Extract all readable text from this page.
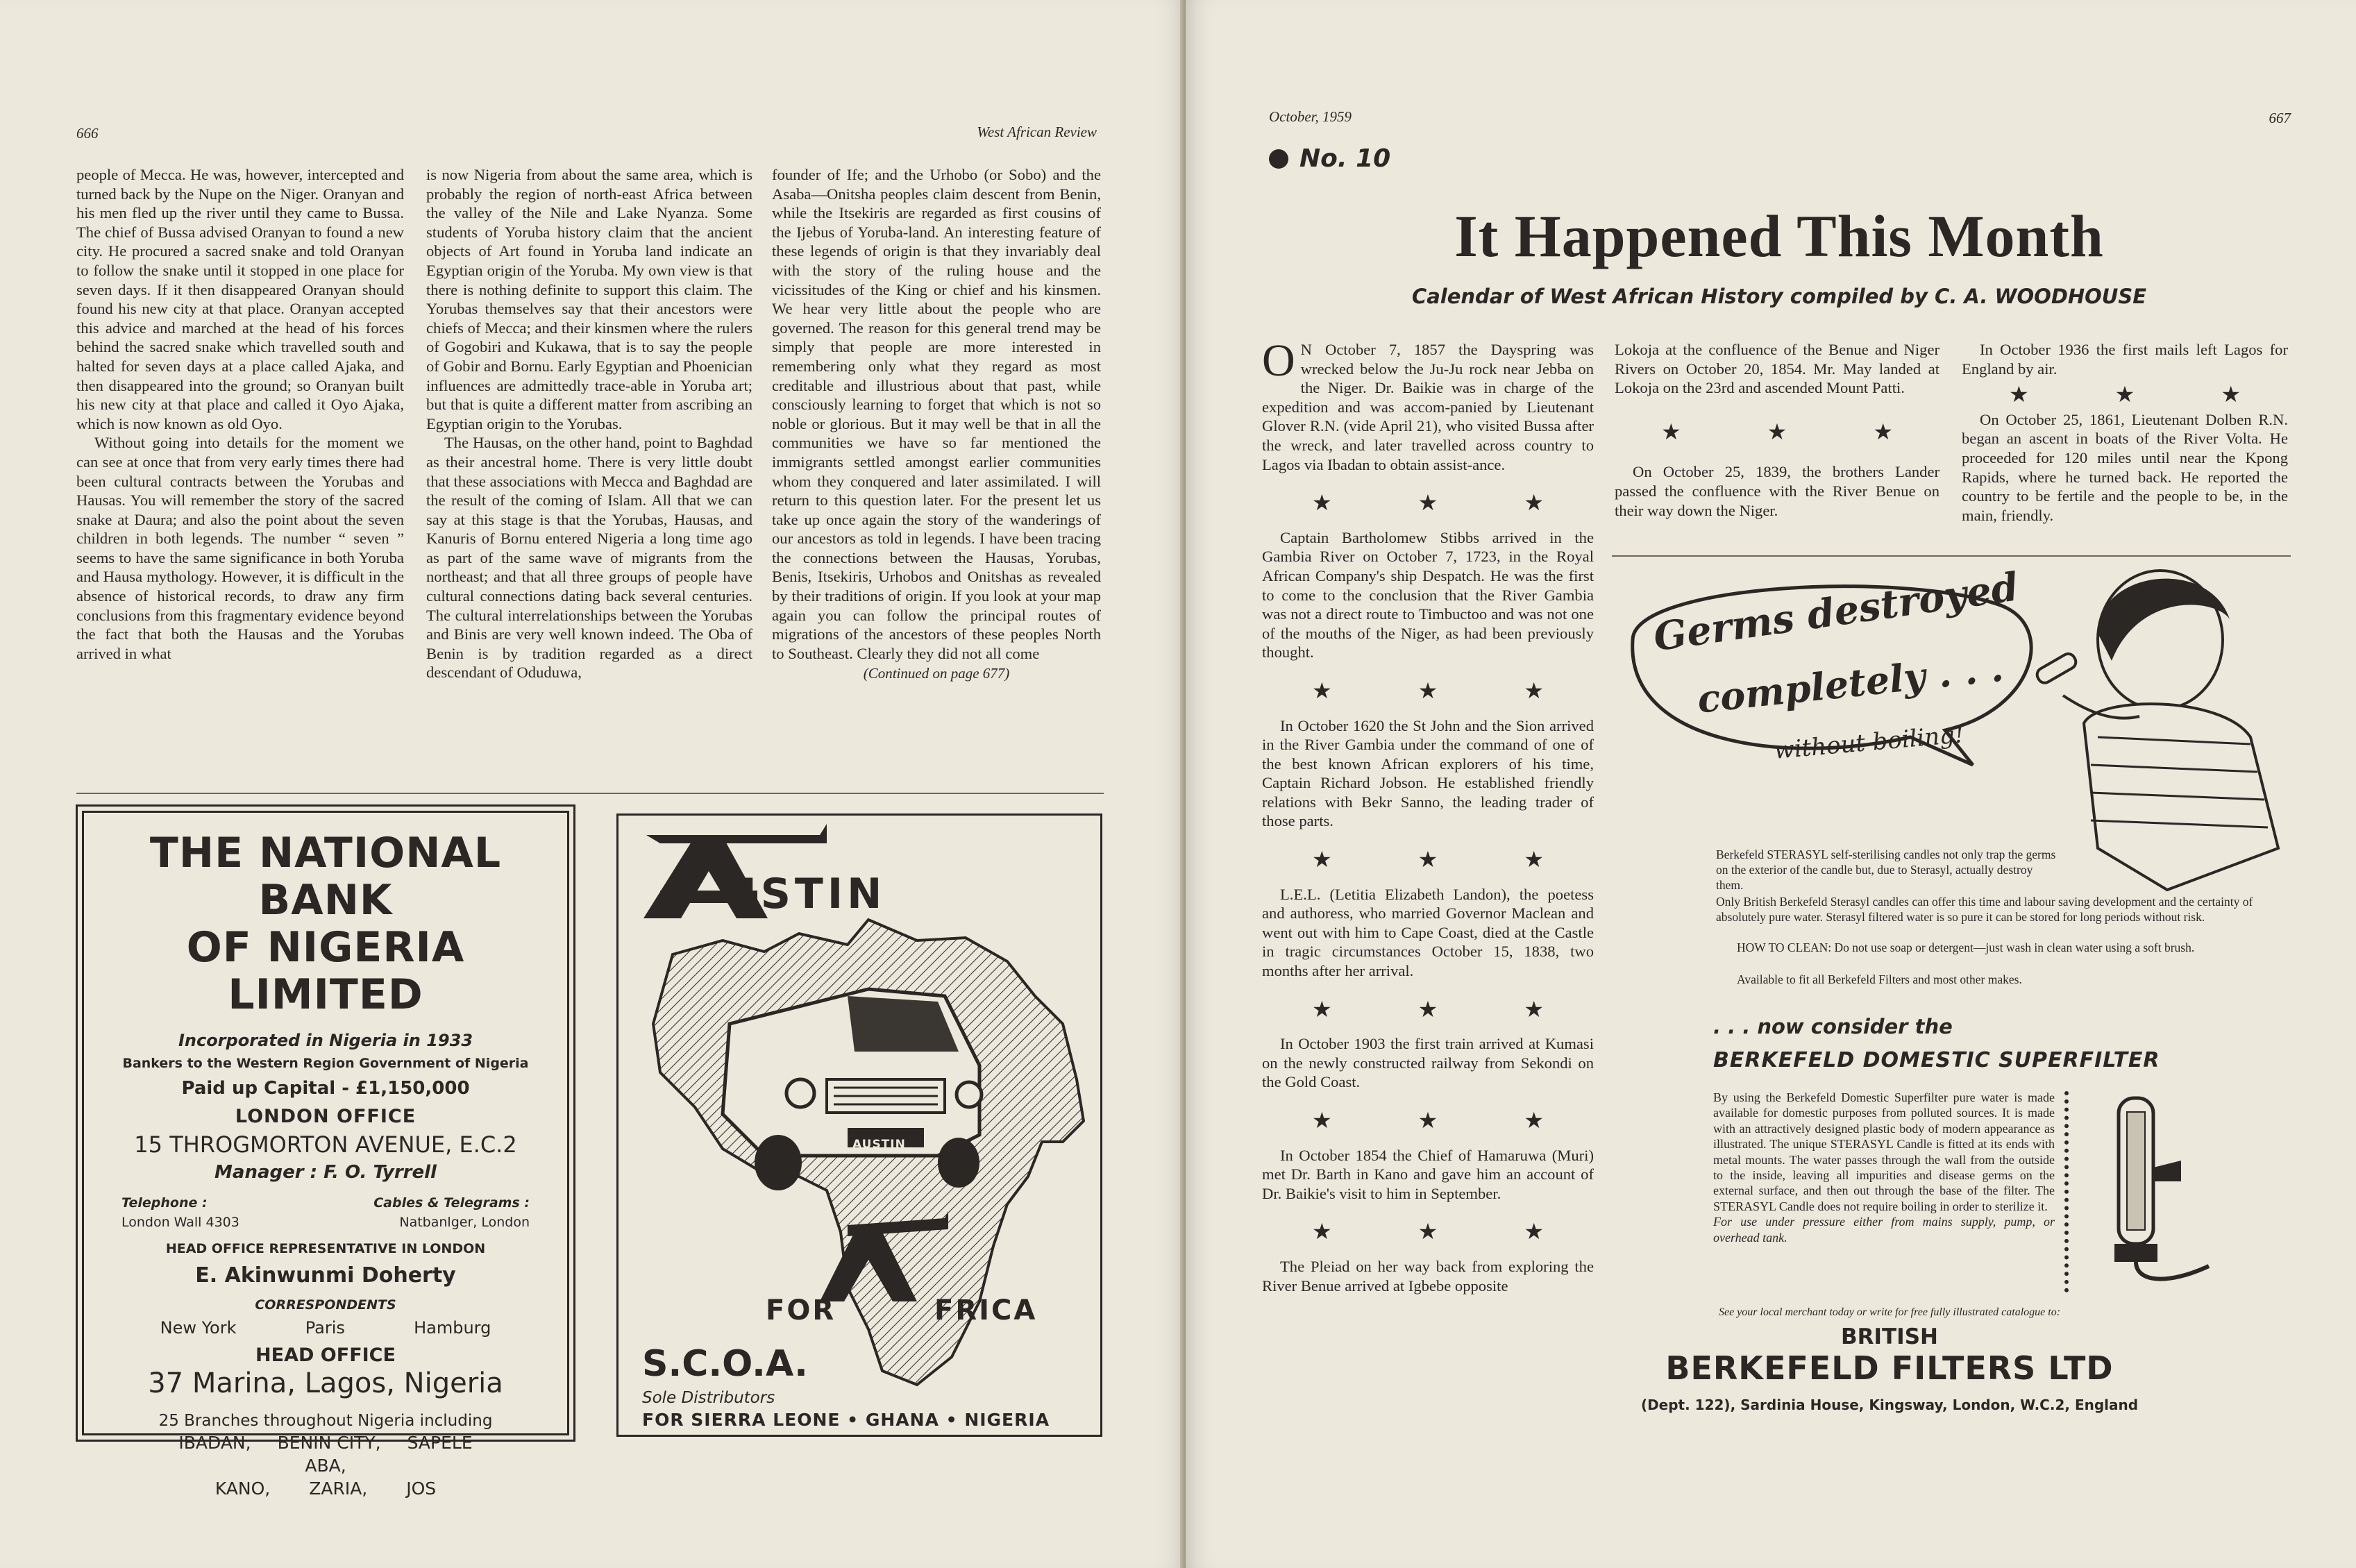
666	West African Review

people of Mecca. He was, however, intercepted and turned back by the Nupe on the Niger. Oranyan and his men fled up the river until they came to Bussa. The chief of Bussa advised Oranyan to found a new city. He procured a sacred snake and told Oranyan to follow the snake until it stopped in one place for seven days. If it then disappeared Oranyan should found his new city at that place. Oranyan accepted this advice and marched at the head of his forces behind the sacred snake which travelled south and halted for seven days at a place called Ajaka, and then disappeared into the ground; so Oranyan built his new city at that place and called it Oyo Ajaka, which is now known as old Oyo.

Without going into details for the moment we can see at once that from very early times there had been cultural contracts between the Yorubas and Hausas. You will remember the story of the sacred snake at Daura; and also the point about the seven children in both legends. The number “ seven ” seems to have the same significance in both Yoruba and Hausa mythology. However, it is difficult in the absence of historical records, to draw any firm conclusions from this fragmentary evidence beyond the fact that both the Hausas and the Yorubas arrived in what

is now Nigeria from about the same area, which is probably the region of north-east Africa between the valley of the Nile and Lake Nyanza. Some students of Yoruba history claim that the ancient objects of Art found in Yoruba land indicate an Egyptian origin of the Yoruba. My own view is that there is nothing definite to support this claim. The Yorubas themselves say that their ancestors were chiefs of Mecca; and their kinsmen where the rulers of Gogobiri and Kukawa, that is to say the people of Gobir and Bornu. Early Egyptian and Phoenician influences are admittedly trace-able in Yoruba art; but that is quite a different matter from ascribing an Egyptian origin to the Yorubas.

The Hausas, on the other hand, point to Baghdad as their ancestral home. There is very little doubt that these associations with Mecca and Baghdad are the result of the coming of Islam. All that we can say at this stage is that the Yorubas, Hausas, and Kanuris of Bornu entered Nigeria a long time ago as part of the same wave of migrants from the northeast; and that all three groups of people have cultural connections dating back several centuries. The cultural interrelationships between the Yorubas and Binis are very well known indeed. The Oba of Benin is by tradition regarded as a direct descendant of Oduduwa,

founder of Ife; and the Urhobo (or Sobo) and the Asaba—Onitsha peoples claim descent from Benin, while the Itsekiris are regarded as first cousins of the Ijebus of Yoruba-land. An interesting feature of these legends of origin is that they invariably deal with the story of the ruling house and the vicissitudes of the King or chief and his kinsmen. We hear very little about the people who are governed. The reason for this general trend may be simply that people are more interested in remembering only what they regard as most creditable and illustrious about that past, while consciously learning to forget that which is not so noble or glorious. But it may well be that in all the communities we have so far mentioned the immigrants settled amongst earlier communities whom they conquered and later assimilated. I will return to this question later. For the present let us take up once again the story of the wanderings of our ancestors as told in legends. I have been tracing the connections between the Hausas, Yorubas, Benis, Itsekiris, Urhobos and Onitshas as revealed by their traditions of origin. If you look at your map again you can follow the principal routes of migrations of the ancestors of these peoples North to Southeast. Clearly they did not all come

(Continued on page 677)

THE NATIONAL BANK
OF NIGERIA LIMITED
Incorporated in Nigeria in 1933
Bankers to the Western Region Government of Nigeria
Paid up Capital - £1,150,000
LONDON OFFICE
15 THROGMORTON AVENUE, E.C.2
Manager : F. O. Tyrrell
Telephone :	Cables & Telegrams :
London Wall 4303	Natbanlger, London
HEAD OFFICE REPRESENTATIVE IN LONDON
E. Akinwunmi Doherty
CORRESPONDENTS
New York	Paris	Hamburg
HEAD OFFICE
37 Marina, Lagos, Nigeria
25 Branches throughout Nigeria including
IBADAN, BENIN CITY, SAPELE
ABA,
KANO, ZARIA, JOS
USTIN
AUSTIN
FOR	FRICA
S.C.O.A.
Sole Distributors
FOR SIERRA LEONE • GHANA • NIGERIA
October, 1959	667
No. 10
It Happened This Month
Calendar of West African History compiled by C. A. WOODHOUSE

O N October 7, 1857 the Dayspring was wrecked below the Ju-Ju rock near Jebba on the Niger. Dr. Baikie was in charge of the expedition and was accom-panied by Lieutenant Glover R.N. (vide April 21), who visited Bussa after the wreck, and later travelled across country to Lagos via Ibadan to obtain assist-ance.

★ ★ ★

Captain Bartholomew Stibbs arrived in the Gambia River on October 7, 1723, in the Royal African Company's ship Despatch. He was the first to come to the conclusion that the River Gambia was not a direct route to Timbuctoo and was not one of the mouths of the Niger, as had been previously thought.

★ ★ ★

In October 1620 the St John and the Sion arrived in the River Gambia under the command of one of the best known African explorers of his time, Captain Richard Jobson. He established friendly relations with Bekr Sanno, the leading trader of those parts.

★ ★ ★

L.E.L. (Letitia Elizabeth Landon), the poetess and authoress, who married Governor Maclean and went out with him to Cape Coast, died at the Castle in tragic circumstances October 15, 1838, two months after her arrival.

★ ★ ★

In October 1903 the first train arrived at Kumasi on the newly constructed railway from Sekondi on the Gold Coast.

★ ★ ★

In October 1854 the Chief of Hamaruwa (Muri) met Dr. Barth in Kano and gave him an account of Dr. Baikie's visit to him in September.

★ ★ ★

The Pleiad on her way back from exploring the River Benue arrived at Igbebe opposite

Lokoja at the confluence of the Benue and Niger Rivers on October 20, 1854. Mr. May landed at Lokoja on the 23rd and ascended Mount Patti.

★ ★ ★

On October 25, 1839, the brothers Lander passed the confluence with the River Benue on their way down the Niger.

In October 1936 the first mails left Lagos for England by air.

★ ★ ★

On October 25, 1861, Lieutenant Dolben R.N. began an ascent in boats of the River Volta. He proceeded for 120 miles until near the Kpong Rapids, where he turned back. He reported the country to be fertile and the people to be, in the main, friendly.

Germs destroyed
completely . . .
without boiling!
Berkefeld STERASYL self-sterilising candles not only trap the germs on the exterior of the candle but, due to Sterasyl, actually destroy them.
Only British Berkefeld Sterasyl candles can offer this time and labour saving development and the certainty of absolutely pure water. Sterasyl filtered water is so pure it can be stored for long periods without risk.
HOW TO CLEAN: Do not use soap or detergent—just wash in clean water using a soft brush.
Available to fit all Berkefeld Filters and most other makes.
. . . now consider the
BERKEFELD DOMESTIC SUPERFILTER
By using the Berkefeld Domestic Superfilter pure water is made available for domestic purposes from polluted sources. It is made with an attractively designed plastic body of modern appearance as illustrated. The unique STERASYL Candle is fitted at its ends with metal mounts. The water passes through the wall from the outside to the inside, leaving all impurities and disease germs on the external surface, and then out through the base of the filter. The STERASYL Candle does not require boiling in order to sterilize it.
For use under pressure either from mains supply, pump, or overhead tank.
See your local merchant today or write for free fully illustrated catalogue to:
BRITISH
BERKEFELD FILTERS LTD
(Dept. 122), Sardinia House, Kingsway, London, W.C.2, England
